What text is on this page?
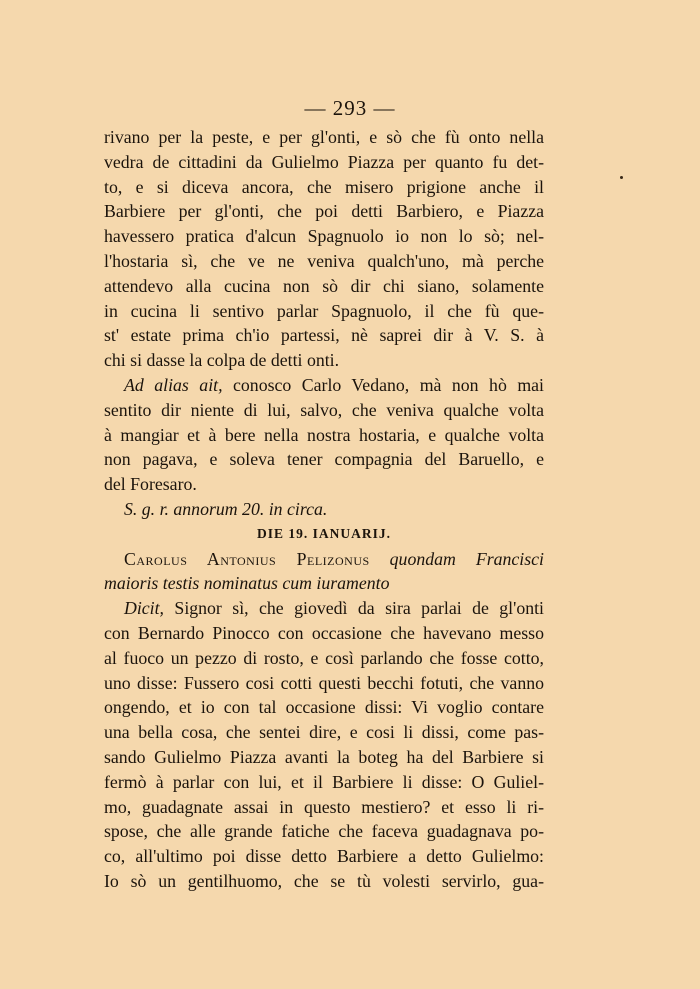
— 293 —
rivano per la peste, e per gl'onti, e sò che fù onto nella
vedra de cittadini da Gulielmo Piazza per quanto fu det-
to, e si diceva ancora, che misero prigione anche il
Barbiere per gl'onti, che poi detti Barbiero, e Piazza
havessero pratica d'alcun Spagnuolo io non lo sò; nel-
l'hostaria sì, che ve ne veniva qualch'uno, mà perche
attendevo alla cucina non sò dir chi siano, solamente
in cucina li sentivo parlar Spagnuolo, il che fù que-
st' estate prima ch'io partessi, nè saprei dir à V. S. à
chi si dasse la colpa de detti onti.
Ad alias ait, conosco Carlo Vedano, mà non hò mai
sentito dir niente di lui, salvo, che veniva qualche volta
à mangiar et à bere nella nostra hostaria, e qualche volta
non pagava, e soleva tener compagnia del Baruello, e
del Foresaro.
S. g. r. annorum 20. in circa.
DIE 19. IANUARIJ.
Carolus Antonius Pelizonus quondam Francisci
maioris testis nominatus cum iuramento
Dicit, Signor sì, che giovedì da sira parlai de gl'onti
con Bernardo Pinocco con occasione che havevano messo
al fuoco un pezzo di rosto, e così parlando che fosse cotto,
uno disse: Fussero cosi cotti questi becchi fotuti, che vanno
ongendo, et io con tal occasione dissi: Vi voglio contare
una bella cosa, che sentei dire, e cosi li dissi, come pas-
sando Gulielmo Piazza avanti la boteg ha del Barbiere si
fermò à parlar con lui, et il Barbiere li disse: O Guliel-
mo, guadagnate assai in questo mestiero? et esso li ri-
spose, che alle grande fatiche che faceva guadagnava po-
co, all'ultimo poi disse detto Barbiere a detto Gulielmo:
Io sò un gentilhuomo, che se tù volesti servirlo, gua-
